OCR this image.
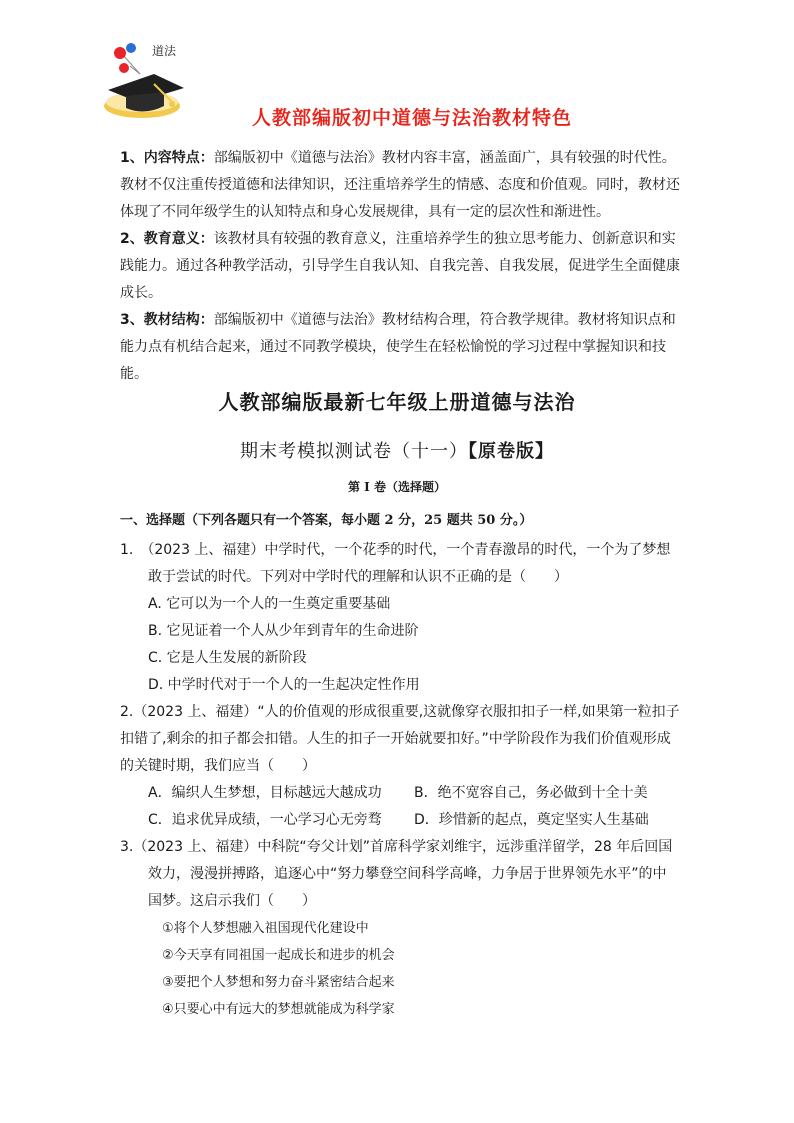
道法
人教部编版初中道德与法治教材特色

1、内容特点：部编版初中《道德与法治》教材内容丰富，涵盖面广，具有较强的时代性。教材不仅注重传授道德和法律知识，还注重培养学生的情感、态度和价值观。同时，教材还体现了不同年级学生的认知特点和身心发展规律，具有一定的层次性和渐进性。

2、教育意义：该教材具有较强的教育意义，注重培养学生的独立思考能力、创新意识和实践能力。通过各种教学活动，引导学生自我认知、自我完善、自我发展，促进学生全面健康成长。

3、教材结构：部编版初中《道德与法治》教材结构合理，符合教学规律。教材将知识点和能力点有机结合起来，通过不同教学模块，使学生在轻松愉悦的学习过程中掌握知识和技能。

人教部编版最新七年级上册道德与法治
期末考模拟测试卷（十一）【原卷版】
第 I 卷（选择题）
一、选择题（下列各题只有一个答案，每小题 2 分，25 题共 50 分。）

1.　（2023 上、福建）中学时代，一个花季的时代，一个青春激昂的时代，一个为了梦想敢于尝试的时代。下列对中学时代的理解和认识不正确的是（　　）

A. 它可以为一个人的一生奠定重要基础

B. 它见证着一个人从少年到青年的生命进阶

C. 它是人生发展的新阶段

D. 中学时代对于一个人的一生起决定性作用

2.（2023 上、福建）“人的价值观的形成很重要,这就像穿衣服扣扣子一样,如果第一粒扣子扣错了,剩余的扣子都会扣错。人生的扣子一开始就要扣好。”中学阶段作为我们价值观形成的关键时期，我们应当（　　）

A．编织人生梦想，目标越远大越成功	B．绝不宽容自己，务必做到十全十美
C．追求优异成绩，一心学习心无旁骛	D．珍惜新的起点，奠定坚实人生基础

3.（2023 上、福建）中科院“夸父计划”首席科学家刘维宇，远涉重洋留学，28 年后回国效力，漫漫拼搏路，追逐心中“努力攀登空间科学高峰，力争居于世界领先水平”的中国梦。这启示我们（　　）

①将个人梦想融入祖国现代化建设中

②今天享有同祖国一起成长和进步的机会

③要把个人梦想和努力奋斗紧密结合起来

④只要心中有远大的梦想就能成为科学家
